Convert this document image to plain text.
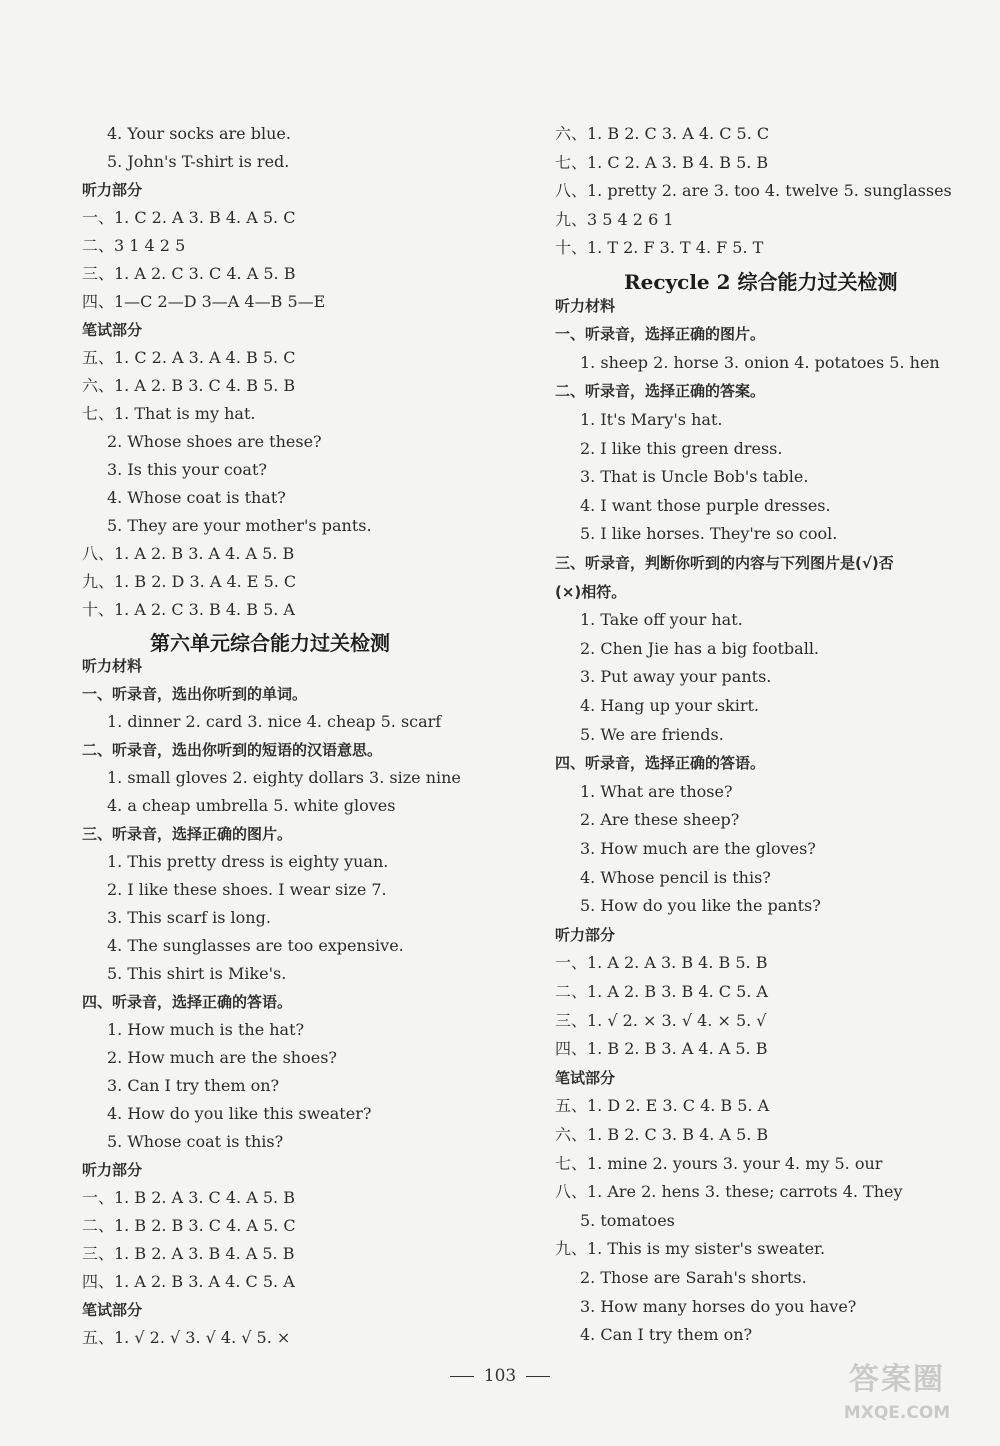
4. Your socks are blue.
5. John's T-shirt is red.
听力部分
一、1. C 2. A 3. B 4. A 5. C
二、3 1 4 2 5
三、1. A 2. C 3. C 4. A 5. B
四、1—C 2—D 3—A 4—B 5—E
笔试部分
五、1. C 2. A 3. A 4. B 5. C
六、1. A 2. B 3. C 4. B 5. B
七、1. That is my hat.
2. Whose shoes are these?
3. Is this your coat?
4. Whose coat is that?
5. They are your mother's pants.
八、1. A 2. B 3. A 4. A 5. B
九、1. B 2. D 3. A 4. E 5. C
十、1. A 2. C 3. B 4. B 5. A
第六单元综合能力过关检测
听力材料
一、听录音，选出你听到的单词。
1. dinner 2. card 3. nice 4. cheap 5. scarf
二、听录音，选出你听到的短语的汉语意思。
1. small gloves 2. eighty dollars 3. size nine
4. a cheap umbrella 5. white gloves
三、听录音，选择正确的图片。
1. This pretty dress is eighty yuan.
2. I like these shoes. I wear size 7.
3. This scarf is long.
4. The sunglasses are too expensive.
5. This shirt is Mike's.
四、听录音，选择正确的答语。
1. How much is the hat?
2. How much are the shoes?
3. Can I try them on?
4. How do you like this sweater?
5. Whose coat is this?
听力部分
一、1. B 2. A 3. C 4. A 5. B
二、1. B 2. B 3. C 4. A 5. C
三、1. B 2. A 3. B 4. A 5. B
四、1. A 2. B 3. A 4. C 5. A
笔试部分
五、1. √ 2. √ 3. √ 4. √ 5. ×
六、1. B 2. C 3. A 4. C 5. C
七、1. C 2. A 3. B 4. B 5. B
八、1. pretty 2. are 3. too 4. twelve 5. sunglasses
九、3 5 4 2 6 1
十、1. T 2. F 3. T 4. F 5. T
Recycle 2 综合能力过关检测
听力材料
一、听录音，选择正确的图片。
1. sheep 2. horse 3. onion 4. potatoes 5. hen
二、听录音，选择正确的答案。
1. It's Mary's hat.
2. I like this green dress.
3. That is Uncle Bob's table.
4. I want those purple dresses.
5. I like horses. They're so cool.
三、听录音，判断你听到的内容与下列图片是(√)否
(×)相符。
1. Take off your hat.
2. Chen Jie has a big football.
3. Put away your pants.
4. Hang up your skirt.
5. We are friends.
四、听录音，选择正确的答语。
1. What are those?
2. Are these sheep?
3. How much are the gloves?
4. Whose pencil is this?
5. How do you like the pants?
听力部分
一、1. A 2. A 3. B 4. B 5. B
二、1. A 2. B 3. B 4. C 5. A
三、1. √ 2. × 3. √ 4. × 5. √
四、1. B 2. B 3. A 4. A 5. B
笔试部分
五、1. D 2. E 3. C 4. B 5. A
六、1. B 2. C 3. B 4. A 5. B
七、1. mine 2. yours 3. your 4. my 5. our
八、1. Are 2. hens 3. these; carrots 4. They
5. tomatoes
九、1. This is my sister's sweater.
2. Those are Sarah's shorts.
3. How many horses do you have?
4. Can I try them on?
103	答案圈
MXQE.COM
